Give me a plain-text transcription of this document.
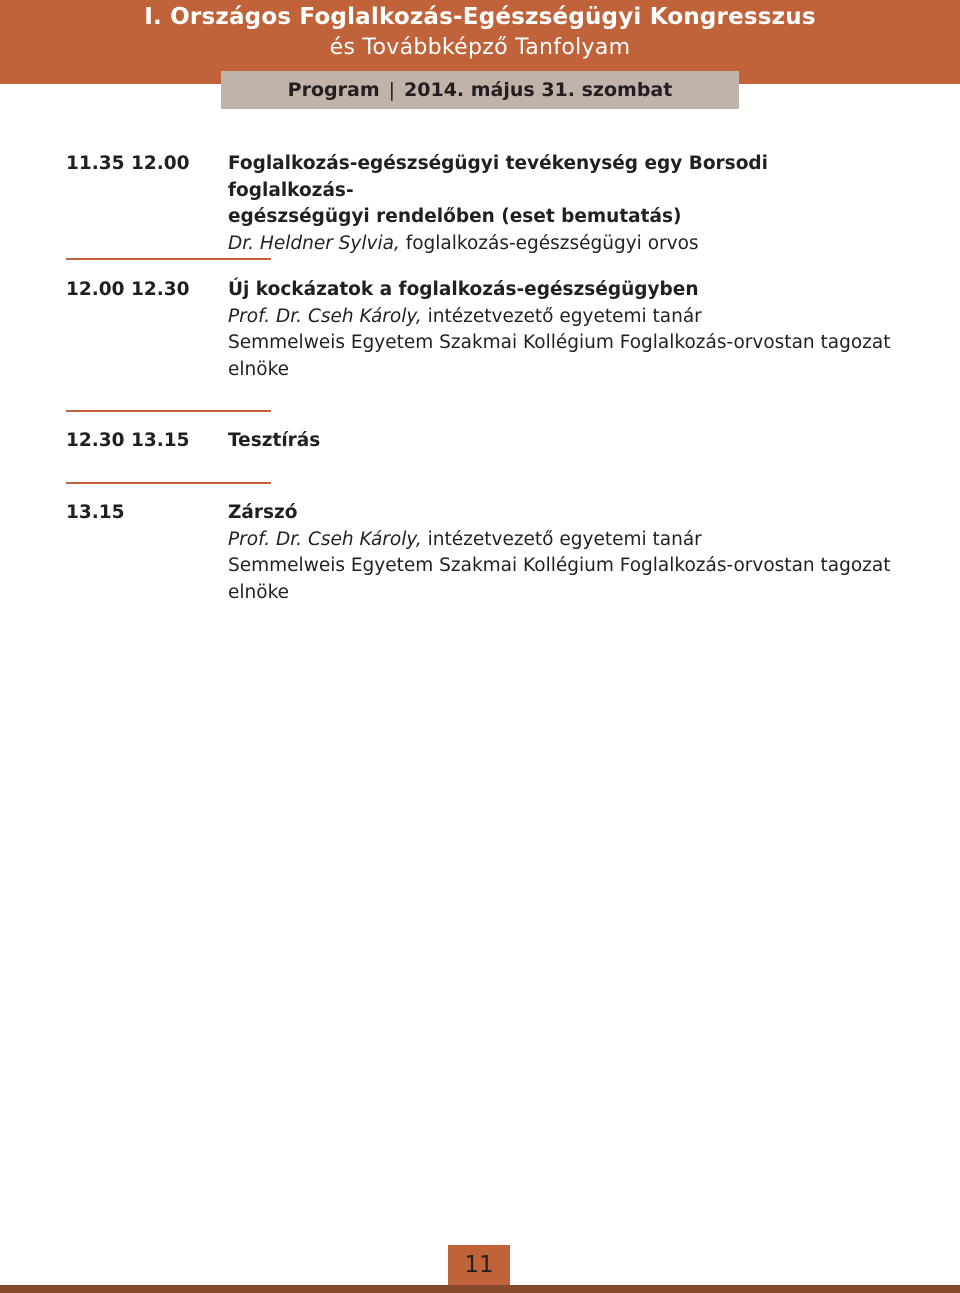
I. Országos Foglalkozás-Egészségügyi Kongresszus
és Továbbképző Tanfolyam
Program | 2014. május 31. szombat
11.35 12.00 Foglalkozás-egészségügyi tevékenység egy Borsodi foglalkozás-
egészségügyi rendelőben (eset bemutatás)
Dr. Heldner Sylvia, foglalkozás-egészségügyi orvos
12.00 12.30 Új kockázatok a foglalkozás-egészségügyben
Prof. Dr. Cseh Károly, intézetvezető egyetemi tanár
Semmelweis Egyetem Szakmai Kollégium Foglalkozás-orvostan tagozat
elnöke
12.30 13.15 Tesztírás
13.15	Zárszó
Prof. Dr. Cseh Károly, intézetvezető egyetemi tanár
Semmelweis Egyetem Szakmai Kollégium Foglalkozás-orvostan tagozat
elnöke
11
